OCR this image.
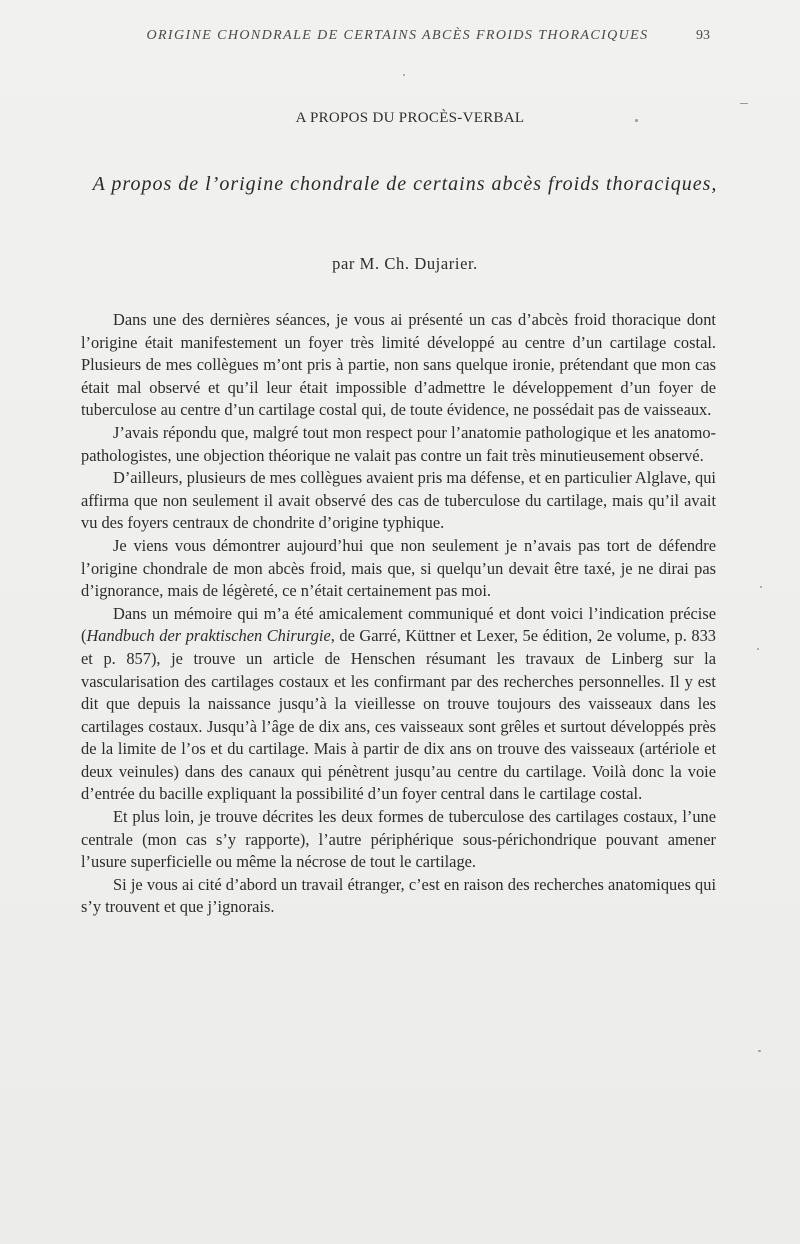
ORIGINE CHONDRALE DE CERTAINS ABCÈS FROIDS THORACIQUES	93
A PROPOS DU PROCÈS-VERBAL
A propos de l’origine chondrale de certains abcès froids thoraciques,
par M. Ch. Dujarier.

Dans une des dernières séances, je vous ai présenté un cas d’abcès froid thoracique dont l’origine était manifestement un foyer très limité développé au centre d’un cartilage costal. Plusieurs de mes collègues m’ont pris à partie, non sans quelque ironie, prétendant que mon cas était mal observé et qu’il leur était impossible d’admettre le développement d’un foyer de tuberculose au centre d’un cartilage costal qui, de toute évidence, ne possédait pas de vaisseaux.

J’avais répondu que, malgré tout mon respect pour l’anatomie pathologique et les anatomo-pathologistes, une objection théorique ne valait pas contre un fait très minutieusement observé.

D’ailleurs, plusieurs de mes collègues avaient pris ma défense, et en particulier Alglave, qui affirma que non seulement il avait observé des cas de tuberculose du cartilage, mais qu’il avait vu des foyers centraux de chondrite d’origine typhique.

Je viens vous démontrer aujourd’hui que non seulement je n’avais pas tort de défendre l’origine chondrale de mon abcès froid, mais que, si quelqu’un devait être taxé, je ne dirai pas d’ignorance, mais de légèreté, ce n’était certainement pas moi.

Dans un mémoire qui m’a été amicalement communiqué et dont voici l’indication précise (Handbuch der praktischen Chirurgie, de Garré, Küttner et Lexer, 5e édition, 2e volume, p. 833 et p. 857), je trouve un article de Henschen résumant les travaux de Linberg sur la vascularisation des cartilages costaux et les confirmant par des recherches personnelles. Il y est dit que depuis la naissance jusqu’à la vieillesse on trouve toujours des vaisseaux dans les cartilages costaux. Jusqu’à l’âge de dix ans, ces vaisseaux sont grêles et surtout développés près de la limite de l’os et du cartilage. Mais à partir de dix ans on trouve des vaisseaux (artériole et deux veinules) dans des canaux qui pénètrent jusqu’au centre du cartilage. Voilà donc la voie d’entrée du bacille expliquant la possibilité d’un foyer central dans le cartilage costal.

Et plus loin, je trouve décrites les deux formes de tuberculose des cartilages costaux, l’une centrale (mon cas s’y rapporte), l’autre périphérique sous-périchondrique pouvant amener l’usure superficielle ou même la nécrose de tout le cartilage.

Si je vous ai cité d’abord un travail étranger, c’est en raison des recherches anatomiques qui s’y trouvent et que j’ignorais.
